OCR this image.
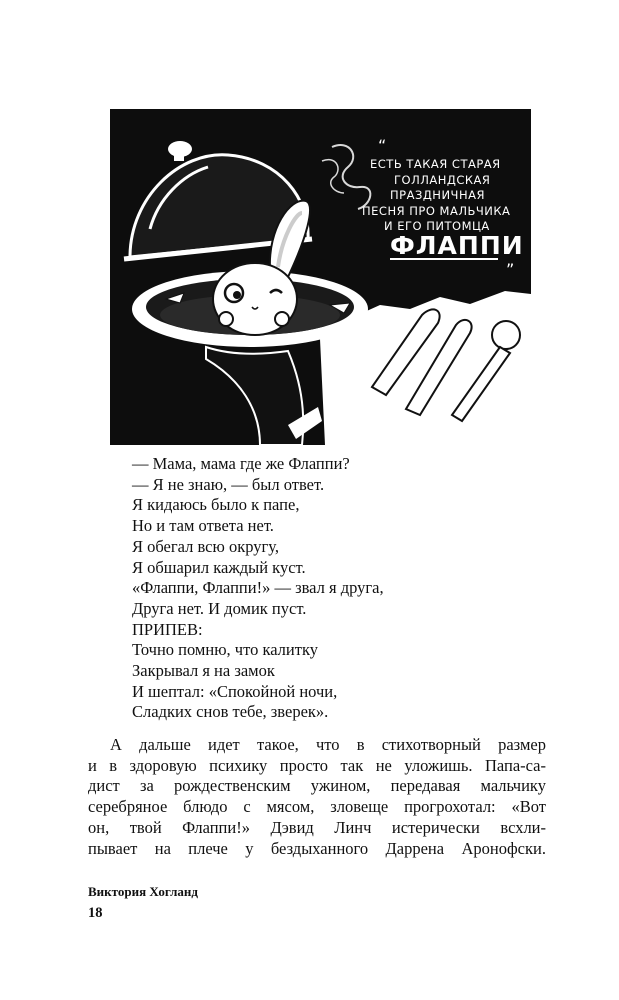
“
ЕСТЬ ТАКАЯ СТАРАЯ
ГОЛЛАНДСКАЯ
ПРАЗДНИЧНАЯ
ПЕСНЯ ПРО МАЛЬЧИКА
И ЕГО ПИТОМЦА
ФЛАППИ
”
— Мама, мама где же Флаппи?
— Я не знаю, — был ответ.
Я кидаюсь было к папе,
Но и там ответа нет.
Я обегал всю округу,
Я обшарил каждый куст.
«Флаппи, Флаппи!» — звал я друга,
Друга нет. И домик пуст.
ПРИПЕВ:
Точно помню, что калитку
Закрывал я на замок
И шептал: «Спокойной ночи,
Сладких снов тебе, зверек».
А дальше идет такое, что в стихотворный размер
и в здоровую психику просто так не уложишь. Папа-са-
дист за рождественским ужином, передавая мальчику
серебряное блюдо с мясом, зловеще прогрохотал: «Вот
он, твой Флаппи!» Дэвид Линч истерически всхли-
пывает на плече у бездыханного Даррена Аронофски.
Виктория Хогланд
18
